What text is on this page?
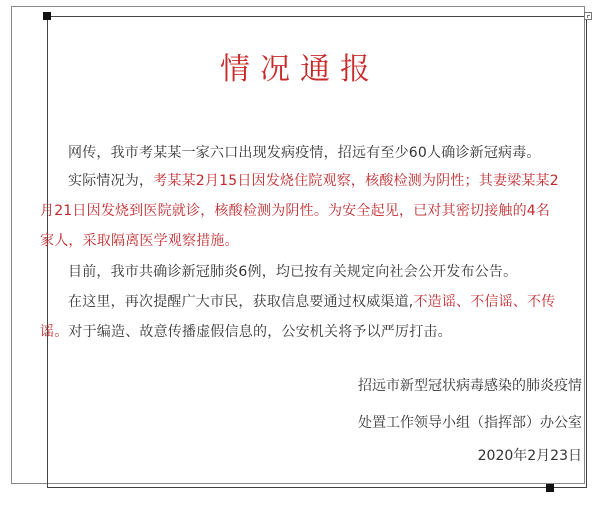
情况通报
网传，我市考某某一家六口出现发病疫情，招远有至少60人确诊新冠病毒。
实际情况为，考某某2月15日因发烧住院观察，核酸检测为阴性；其妻梁某某2月21日因发烧到医院就诊，核酸检测为阴性。为安全起见，已对其密切接触的4名家人，采取隔离医学观察措施。
目前，我市共确诊新冠肺炎6例，均已按有关规定向社会公开发布公告。
在这里，再次提醒广大市民，获取信息要通过权威渠道,不造谣、不信谣、不传谣。对于编造、故意传播虚假信息的，公安机关将予以严厉打击。
招远市新型冠状病毒感染的肺炎疫情
处置工作领导小组（指挥部）办公室
2020年2月23日
